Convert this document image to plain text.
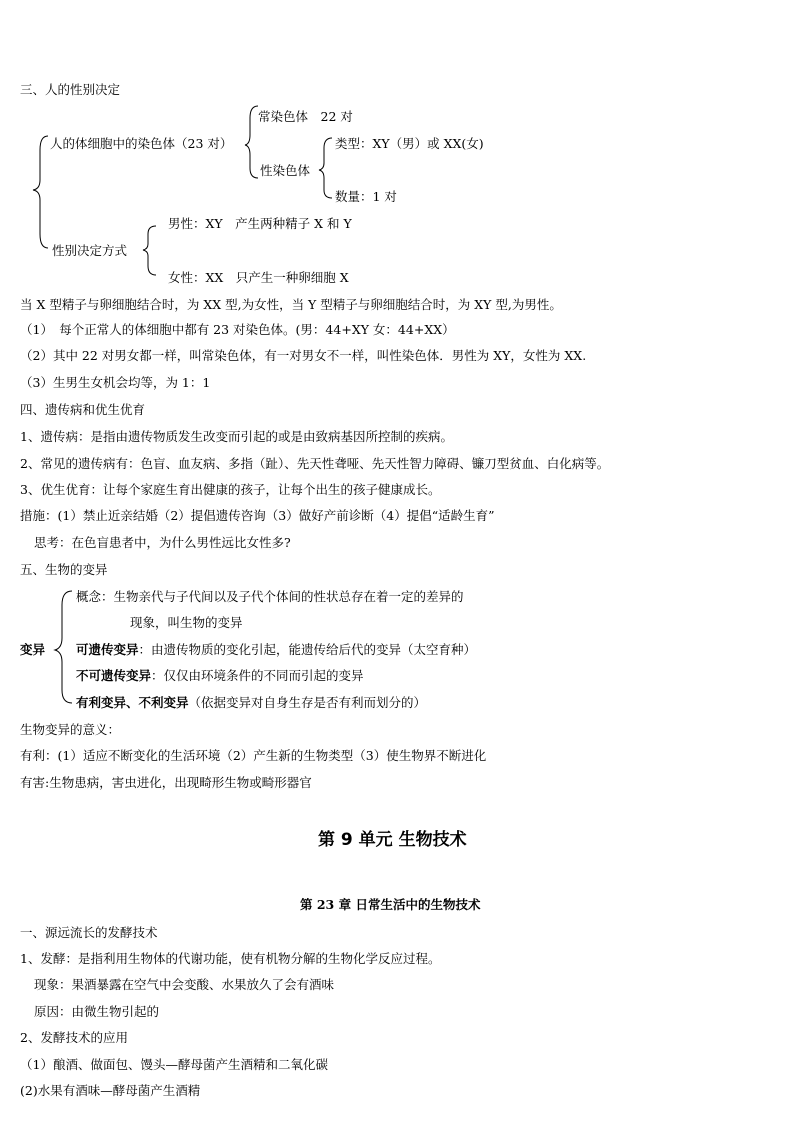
三、人的性别决定
人的体细胞中的染色体（23 对）
常染色体　22 对
性染色体
类型：XY（男）或 XX(女)
数量：1 对
性别决定方式
男性：XY　产生两种精子 X 和 Y
女性：XX　只产生一种卵细胞 X
当 X 型精子与卵细胞结合时，为 XX 型,为女性，当 Y 型精子与卵细胞结合时，为 XY 型,为男性。
（1）　每个正常人的体细胞中都有 23 对染色体。(男：44+XY 女：44+XX）
（2）其中 22 对男女都一样，叫常染色体，有一对男女不一样，叫性染色体．男性为 XY，女性为 XX.
（3）生男生女机会均等，为 1：1
四、遗传病和优生优育
1、遗传病：是指由遗传物质发生改变而引起的或是由致病基因所控制的疾病。
2、常见的遗传病有：色盲、血友病、多指（趾）、先天性聋哑、先天性智力障碍、镰刀型贫血、白化病等。
3、优生优育：让每个家庭生育出健康的孩子，让每个出生的孩子健康成长。
措施：(1）禁止近亲结婚（2）提倡遗传咨询（3）做好产前诊断（4）提倡“适龄生育”
思考：在色盲患者中，为什么男性远比女性多?
五、生物的变异
变异
概念：生物亲代与子代间以及子代个体间的性状总存在着一定的差异的
现象，叫生物的变异
可遗传变异：由遗传物质的变化引起，能遗传给后代的变异（太空育种）
不可遗传变异：仅仅由环境条件的不同而引起的变异
有利变异、不利变异（依据变异对自身生存是否有利而划分的）
生物变异的意义：
有利：(1）适应不断变化的生活环境（2）产生新的生物类型（3）使生物界不断进化
有害:生物患病，害虫进化，出现畸形生物或畸形器官
第 9 单元 生物技术
第 23 章 日常生活中的生物技术
一、源远流长的发酵技术
1、发酵：是指利用生物体的代谢功能，使有机物分解的生物化学反应过程。
现象：果酒暴露在空气中会变酸、水果放久了会有酒味
原因：由微生物引起的
2、发酵技术的应用
（1）酿酒、做面包、馒头—酵母菌产生酒精和二氧化碳
(2)水果有酒味—酵母菌产生酒精
